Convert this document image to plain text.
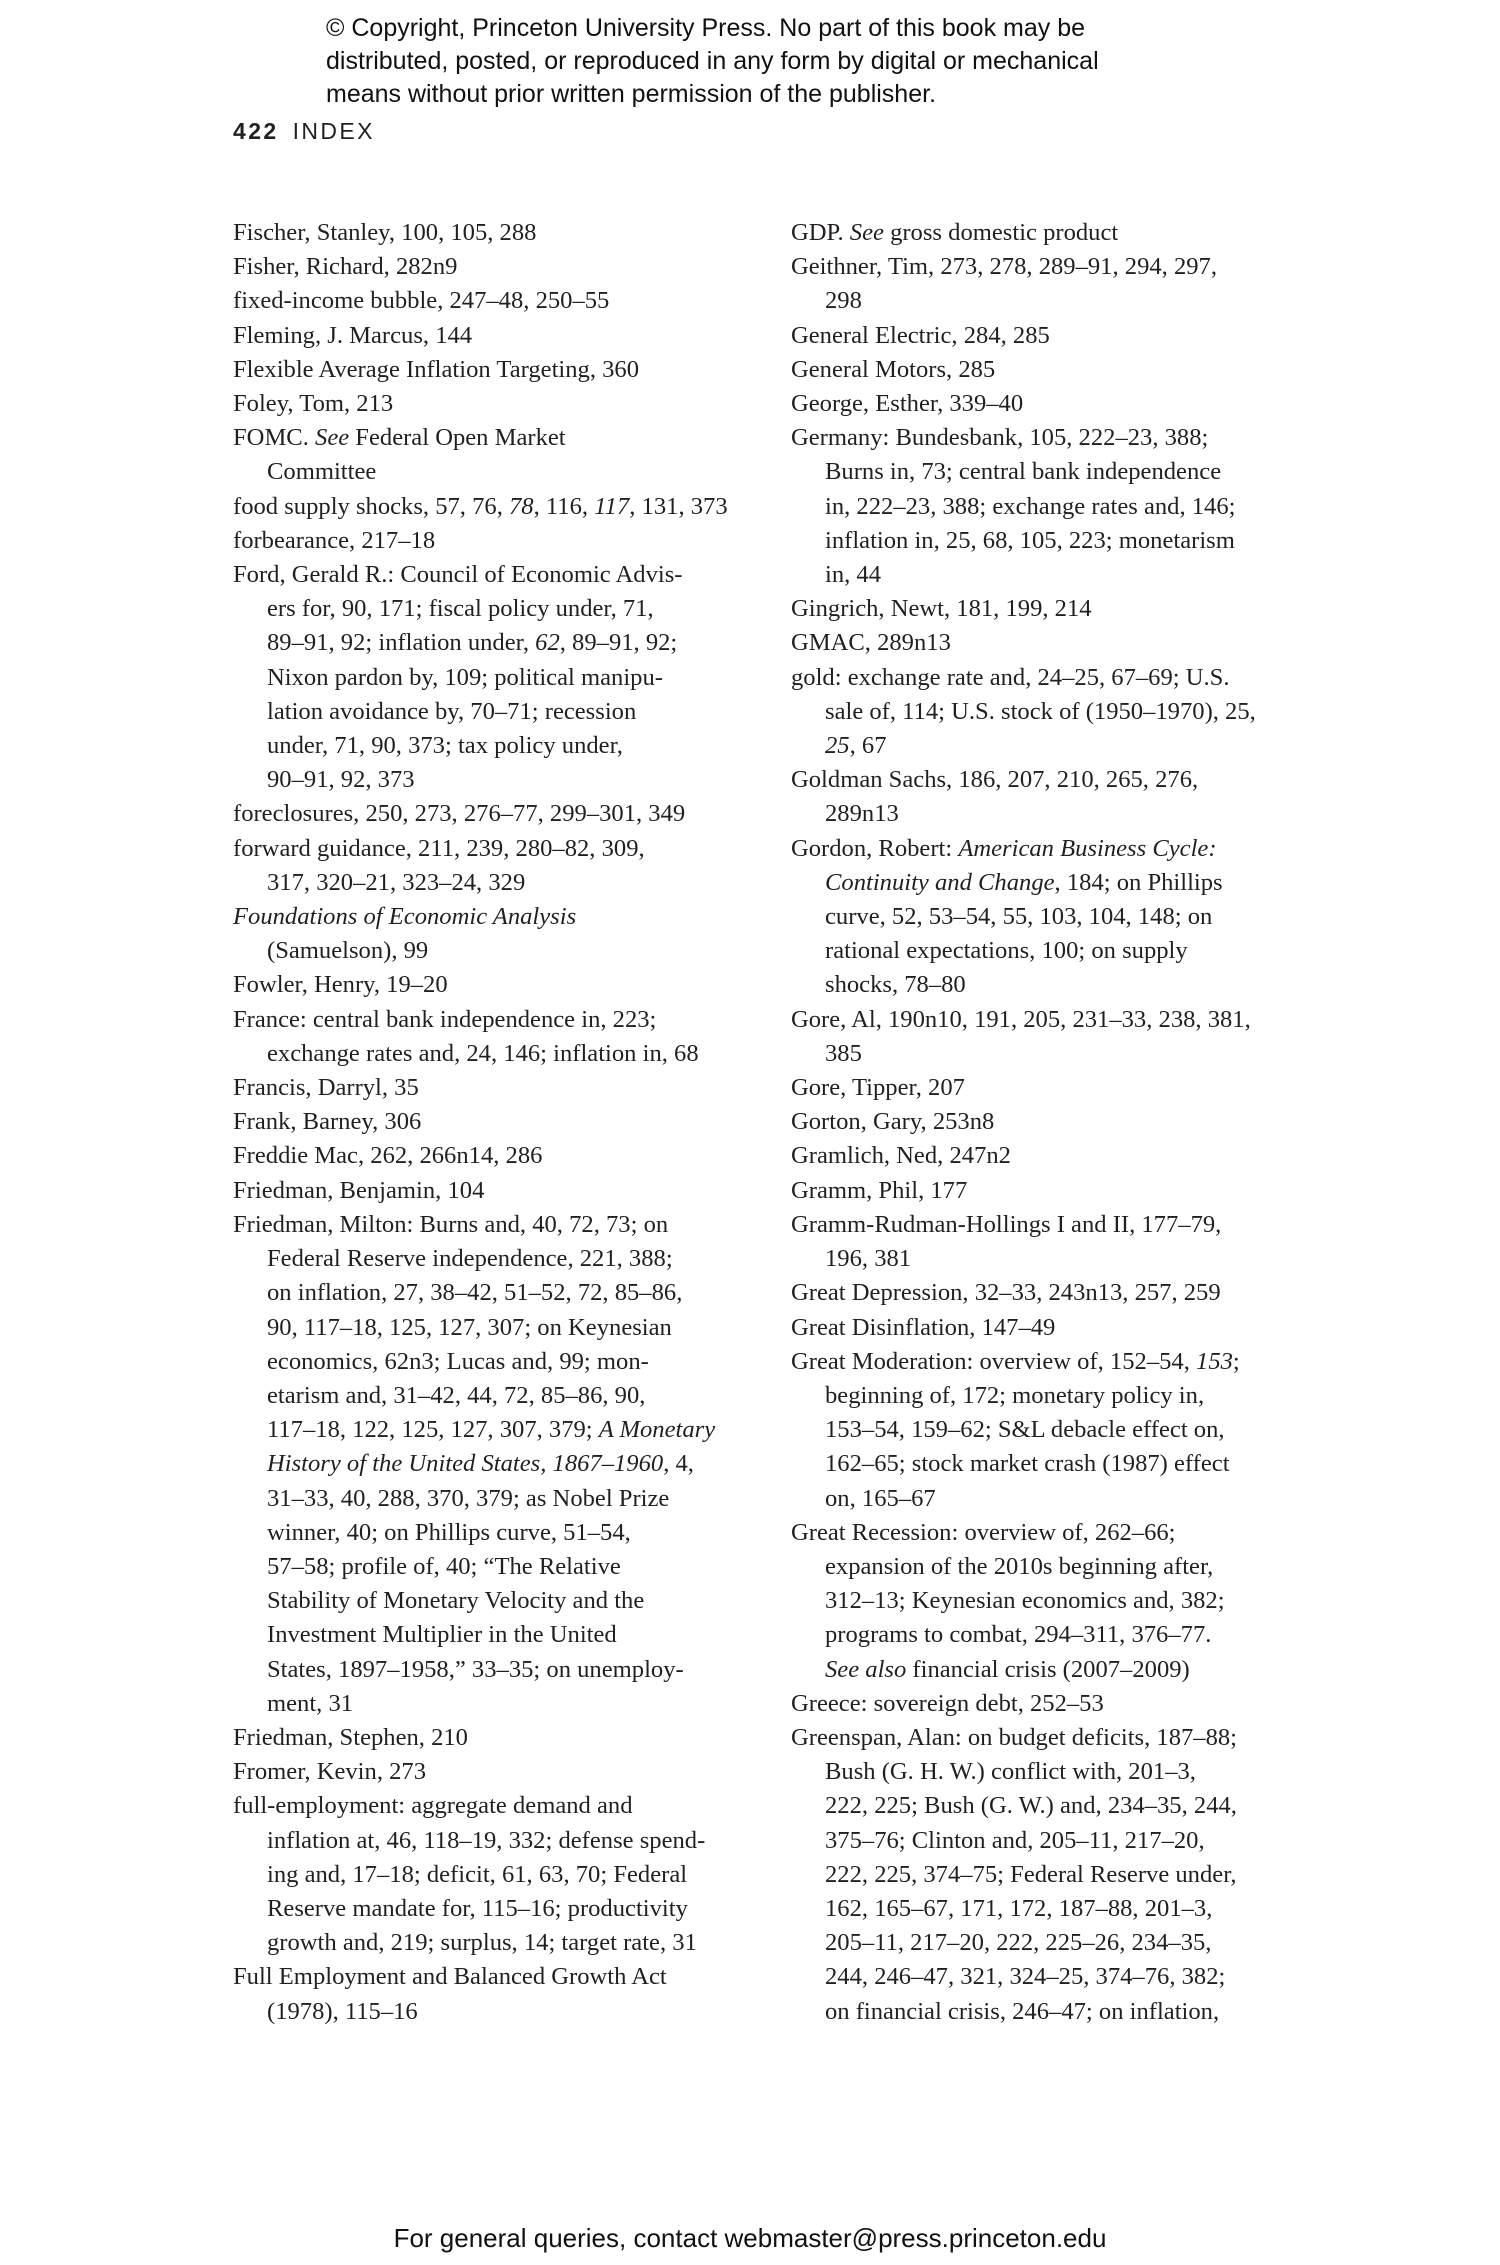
© Copyright, Princeton University Press. No part of this book may be
distributed, posted, or reproduced in any form by digital or mechanical
means without prior written permission of the publisher.
422 INDEX
Fischer, Stanley, 100, 105, 288
Fisher, Richard, 282n9
fixed-income bubble, 247–48, 250–55
Fleming, J. Marcus, 144
Flexible Average Inflation Targeting, 360
Foley, Tom, 213
FOMC. See Federal Open Market
Committee
food supply shocks, 57, 76, 78, 116, 117, 131, 373
forbearance, 217–18
Ford, Gerald R.: Council of Economic Advis-
ers for, 90, 171; fiscal policy under, 71,
89–91, 92; inflation under, 62, 89–91, 92;
Nixon pardon by, 109; political manipu-
lation avoidance by, 70–71; recession
under, 71, 90, 373; tax policy under,
90–91, 92, 373
foreclosures, 250, 273, 276–77, 299–301, 349
forward guidance, 211, 239, 280–82, 309,
317, 320–21, 323–24, 329
Foundations of Economic Analysis
(Samuelson), 99
Fowler, Henry, 19–20
France: central bank independence in, 223;
exchange rates and, 24, 146; inflation in, 68
Francis, Darryl, 35
Frank, Barney, 306
Freddie Mac, 262, 266n14, 286
Friedman, Benjamin, 104
Friedman, Milton: Burns and, 40, 72, 73; on
Federal Reserve independence, 221, 388;
on inflation, 27, 38–42, 51–52, 72, 85–86,
90, 117–18, 125, 127, 307; on Keynesian
economics, 62n3; Lucas and, 99; mon-
etarism and, 31–42, 44, 72, 85–86, 90,
117–18, 122, 125, 127, 307, 379; A Monetary
History of the United States, 1867–1960, 4,
31–33, 40, 288, 370, 379; as Nobel Prize
winner, 40; on Phillips curve, 51–54,
57–58; profile of, 40; “The Relative
Stability of Monetary Velocity and the
Investment Multiplier in the United
States, 1897–1958,” 33–35; on unemploy-
ment, 31
Friedman, Stephen, 210
Fromer, Kevin, 273
full-employment: aggregate demand and
inflation at, 46, 118–19, 332; defense spend-
ing and, 17–18; deficit, 61, 63, 70; Federal
Reserve mandate for, 115–16; productivity
growth and, 219; surplus, 14; target rate, 31
Full Employment and Balanced Growth Act
(1978), 115–16
GDP. See gross domestic product
Geithner, Tim, 273, 278, 289–91, 294, 297,
298
General Electric, 284, 285
General Motors, 285
George, Esther, 339–40
Germany: Bundesbank, 105, 222–23, 388;
Burns in, 73; central bank independence
in, 222–23, 388; exchange rates and, 146;
inflation in, 25, 68, 105, 223; monetarism
in, 44
Gingrich, Newt, 181, 199, 214
GMAC, 289n13
gold: exchange rate and, 24–25, 67–69; U.S.
sale of, 114; U.S. stock of (1950–1970), 25,
25, 67
Goldman Sachs, 186, 207, 210, 265, 276,
289n13
Gordon, Robert: American Business Cycle:
Continuity and Change, 184; on Phillips
curve, 52, 53–54, 55, 103, 104, 148; on
rational expectations, 100; on supply
shocks, 78–80
Gore, Al, 190n10, 191, 205, 231–33, 238, 381,
385
Gore, Tipper, 207
Gorton, Gary, 253n8
Gramlich, Ned, 247n2
Gramm, Phil, 177
Gramm-Rudman-Hollings I and II, 177–79,
196, 381
Great Depression, 32–33, 243n13, 257, 259
Great Disinflation, 147–49
Great Moderation: overview of, 152–54, 153;
beginning of, 172; monetary policy in,
153–54, 159–62; S&L debacle effect on,
162–65; stock market crash (1987) effect
on, 165–67
Great Recession: overview of, 262–66;
expansion of the 2010s beginning after,
312–13; Keynesian economics and, 382;
programs to combat, 294–311, 376–77.
See also financial crisis (2007–2009)
Greece: sovereign debt, 252–53
Greenspan, Alan: on budget deficits, 187–88;
Bush (G. H. W.) conflict with, 201–3,
222, 225; Bush (G. W.) and, 234–35, 244,
375–76; Clinton and, 205–11, 217–20,
222, 225, 374–75; Federal Reserve under,
162, 165–67, 171, 172, 187–88, 201–3,
205–11, 217–20, 222, 225–26, 234–35,
244, 246–47, 321, 324–25, 374–76, 382;
on financial crisis, 246–47; on inflation,
For general queries, contact webmaster@press.princeton.edu
